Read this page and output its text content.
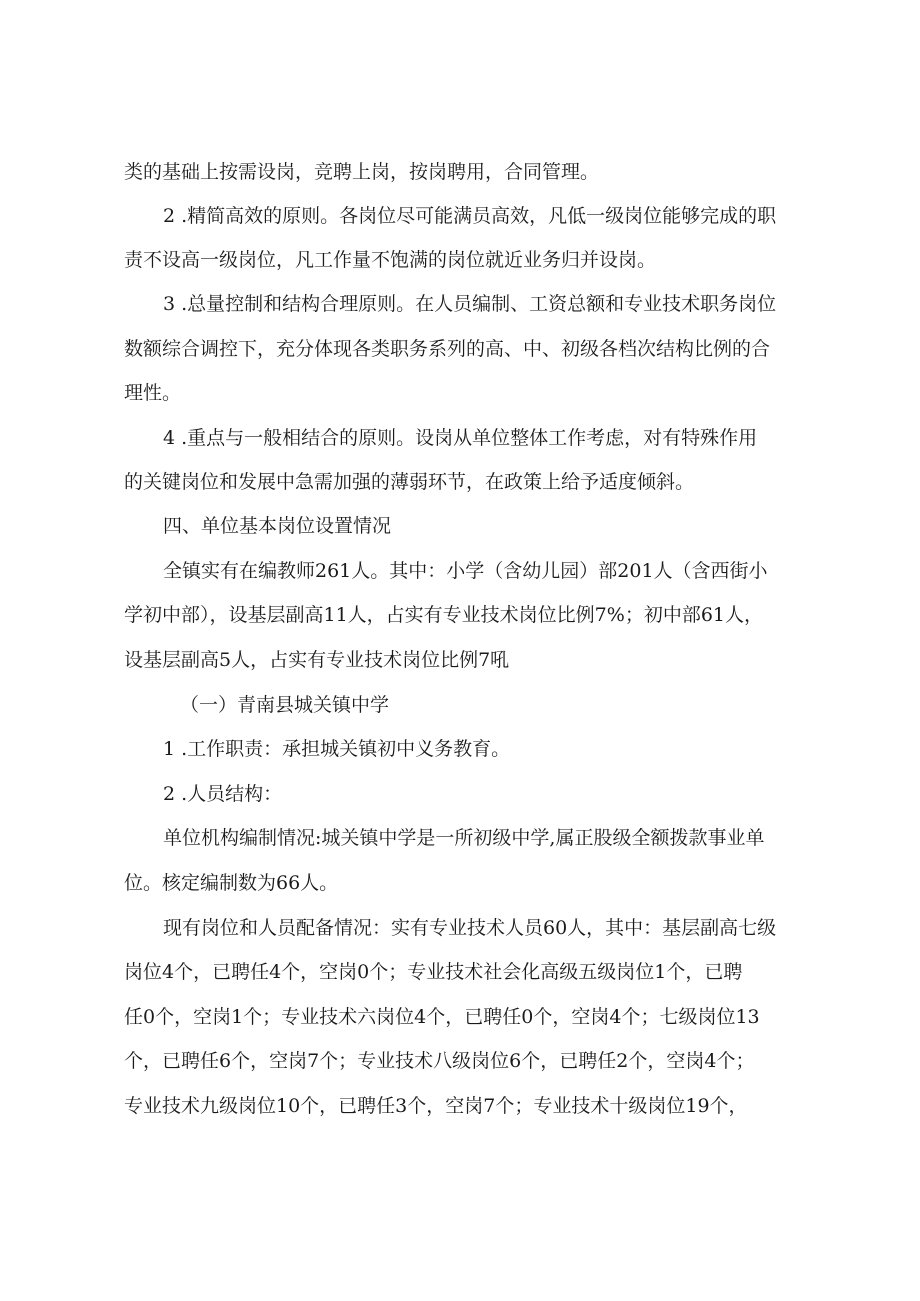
类的基础上按需设岗，竞聘上岗，按岗聘用，合同管理。
2 .精简高效的原则。各岗位尽可能满员高效，凡低一级岗位能够完成的职
责不设高一级岗位，凡工作量不饱满的岗位就近业务归并设岗。
3 .总量控制和结构合理原则。在人员编制、工资总额和专业技术职务岗位
数额综合调控下，充分体现各类职务系列的高、中、初级各档次结构比例的合
理性。
4 .重点与一般相结合的原则。设岗从单位整体工作考虑，对有特殊作用
的关键岗位和发展中急需加强的薄弱环节，在政策上给予适度倾斜。
四、单位基本岗位设置情况
全镇实有在编教师261人。其中：小学（含幼儿园）部201人（含西街小
学初中部），设基层副高11人，占实有专业技术岗位比例7%；初中部61人，
设基层副高5人，占实有专业技术岗位比例7吼
（一）青南县城关镇中学
1 .工作职责：承担城关镇初中义务教育。
2 .人员结构：
单位机构编制情况:城关镇中学是一所初级中学,属正股级全额拨款事业单
位。核定编制数为66人。
现有岗位和人员配备情况：实有专业技术人员60人，其中：基层副高七级
岗位4个，已聘任4个，空岗0个；专业技术社会化高级五级岗位1个，已聘
任0个，空岗1个；专业技术六岗位4个，已聘任0个，空岗4个；七级岗位13
个，已聘任6个，空岗7个；专业技术八级岗位6个，已聘任2个，空岗4个；
专业技术九级岗位10个，已聘任3个，空岗7个；专业技术十级岗位19个，
